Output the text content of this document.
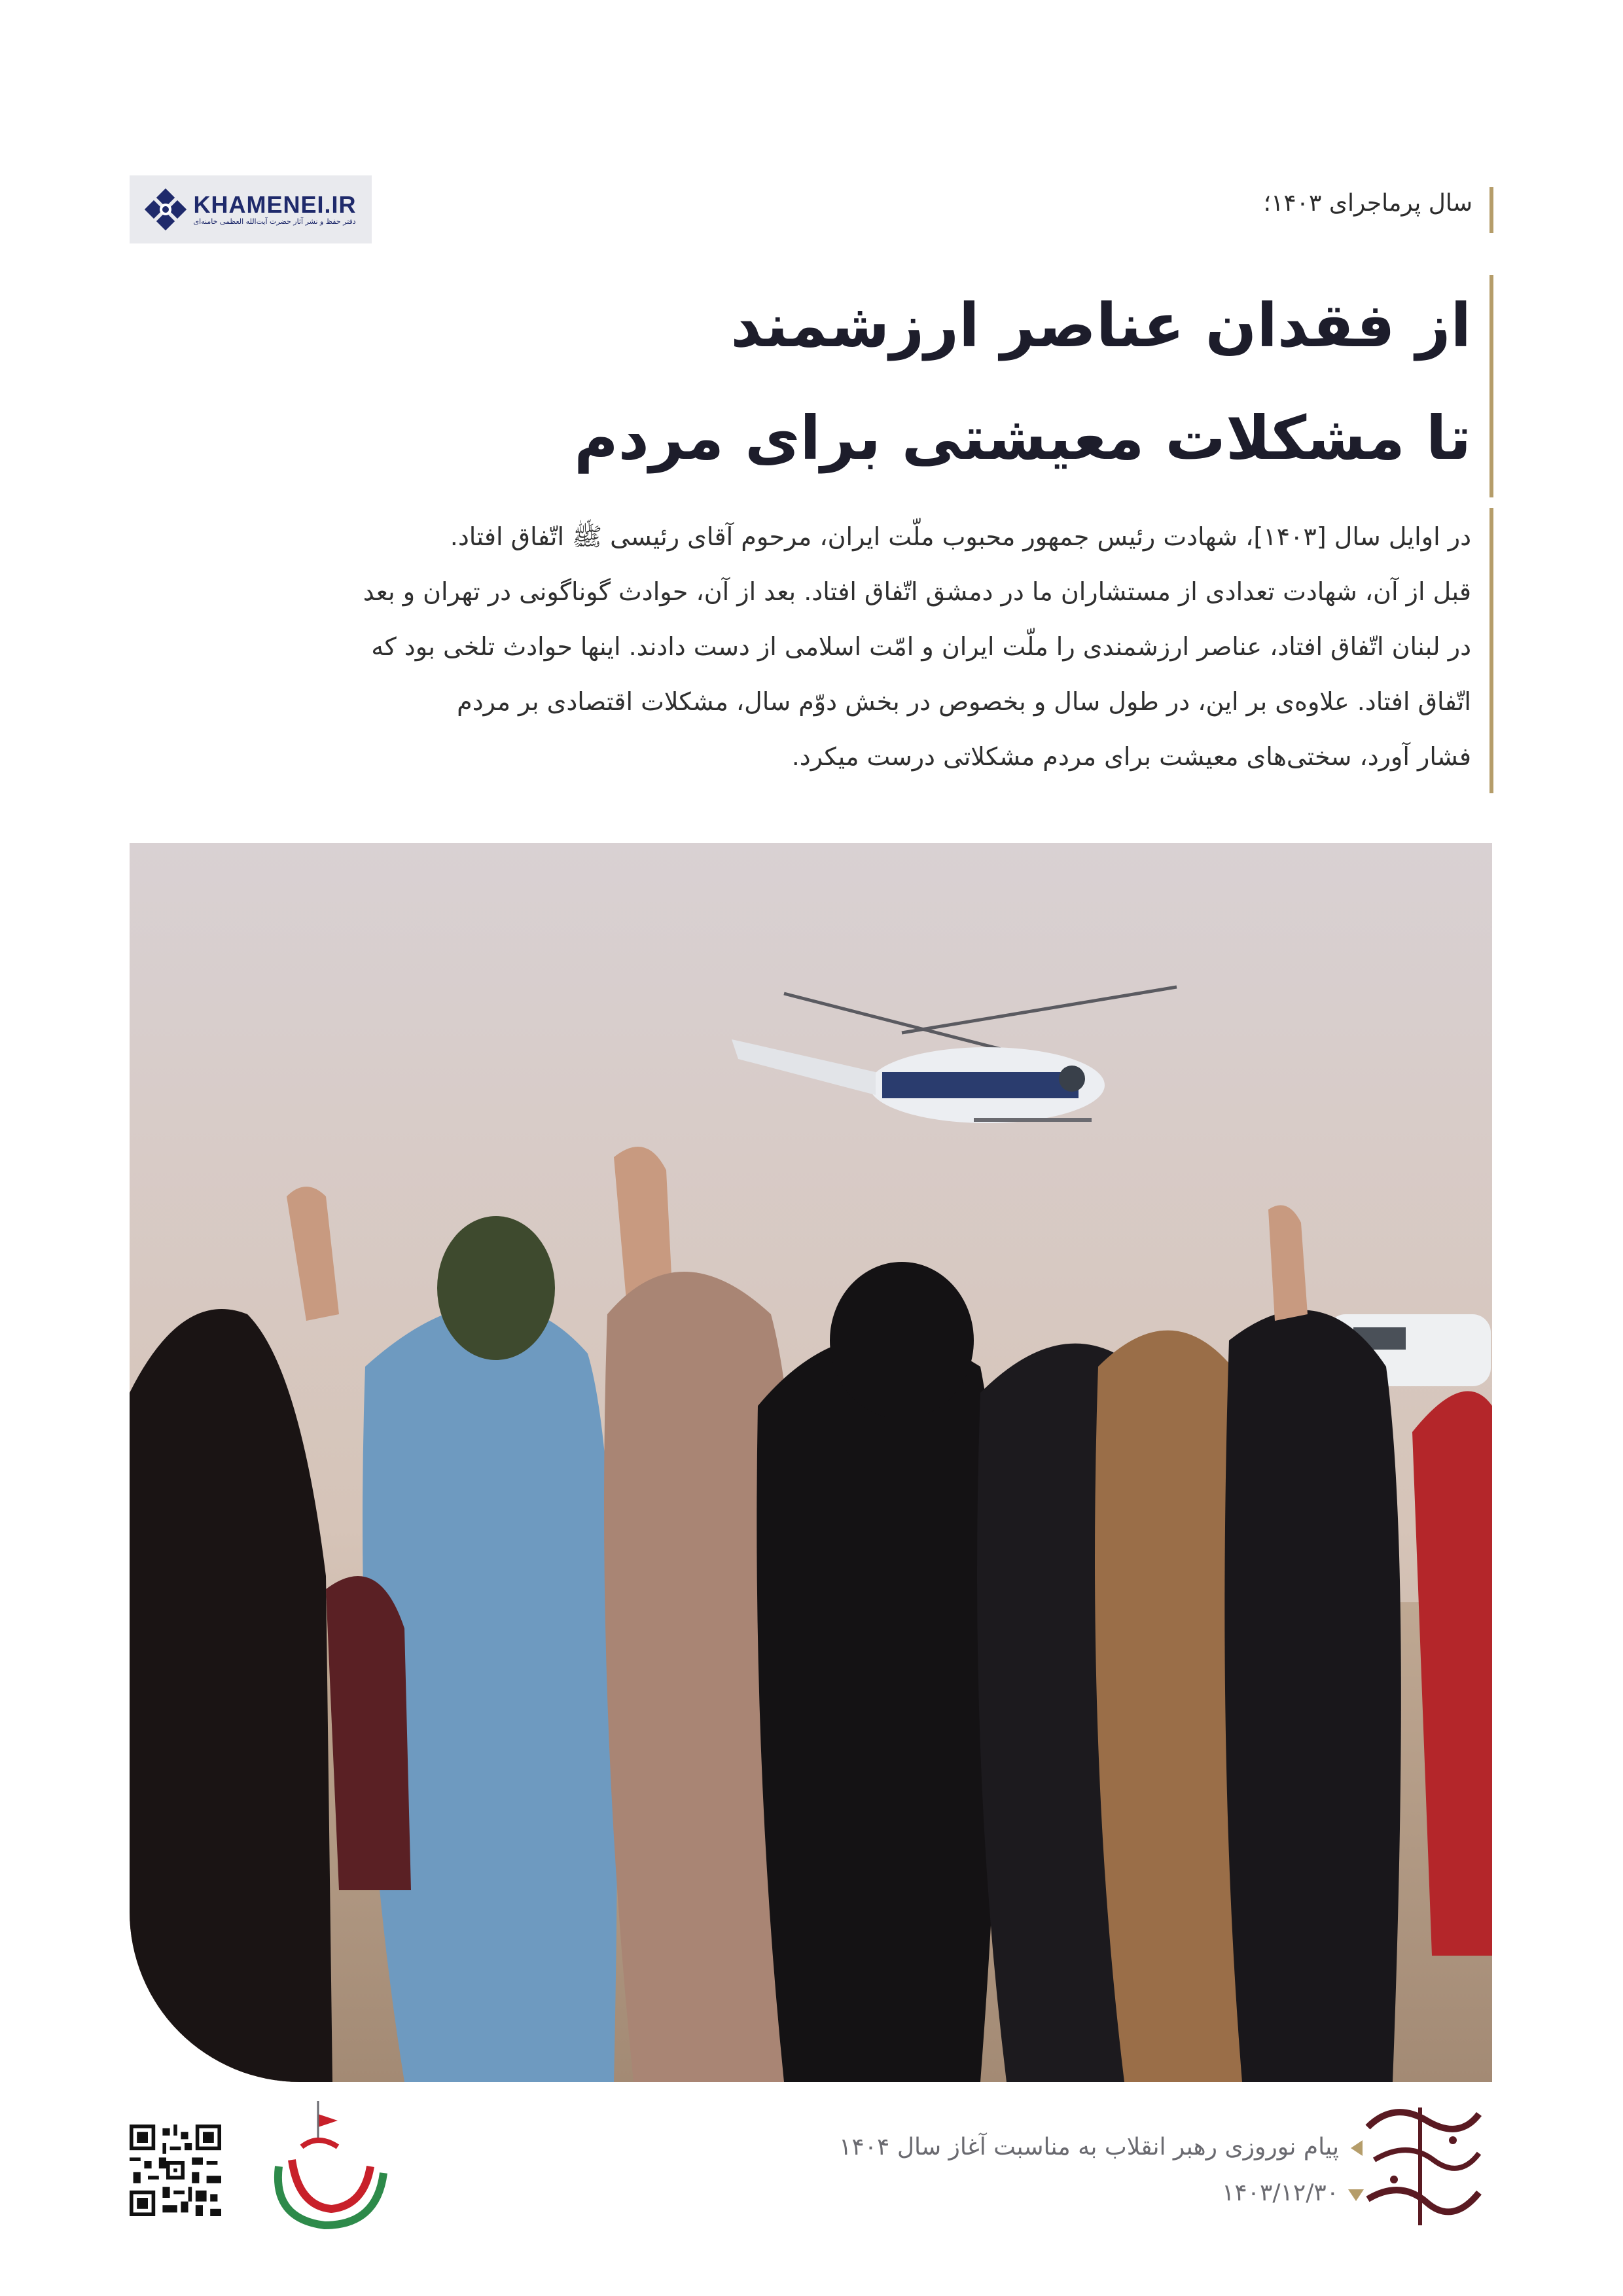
KHAMENEI.IR
دفتر حفظ و نشر آثار حضرت آیت‌الله العظمی خامنه‌ای
سال پرماجرای ۱۴۰۳؛
از فقدان عناصر ارزشمند
تا مشکلات معیشتی برای مردم
در اوایل سال [۱۴۰۳]، شهادت رئیس جمهور محبوب ملّت ایران، مرحوم آقای رئیسی ﷺ اتّفاق افتاد.
قبل از آن، شهادت تعدادی از مستشاران ما در دمشق اتّفاق افتاد. بعد از آن، حوادث گوناگونی در تهران و بعد
در لبنان اتّفاق افتاد، عناصر ارزشمندی را ملّت ایران و امّت اسلامی از دست دادند. اینها حوادث تلخی بود که
اتّفاق افتاد. علاوه‌ی بر این، در طول سال و بخصوص در بخش دوّم سال، مشکلات اقتصادی بر مردم
فشار آورد، سختی‌های معیشت برای مردم مشکلاتی درست میکرد.
پیام نوروزی رهبر انقلاب به مناسبت آغاز سال ۱۴۰۴
۱۴۰۳/۱۲/۳۰
